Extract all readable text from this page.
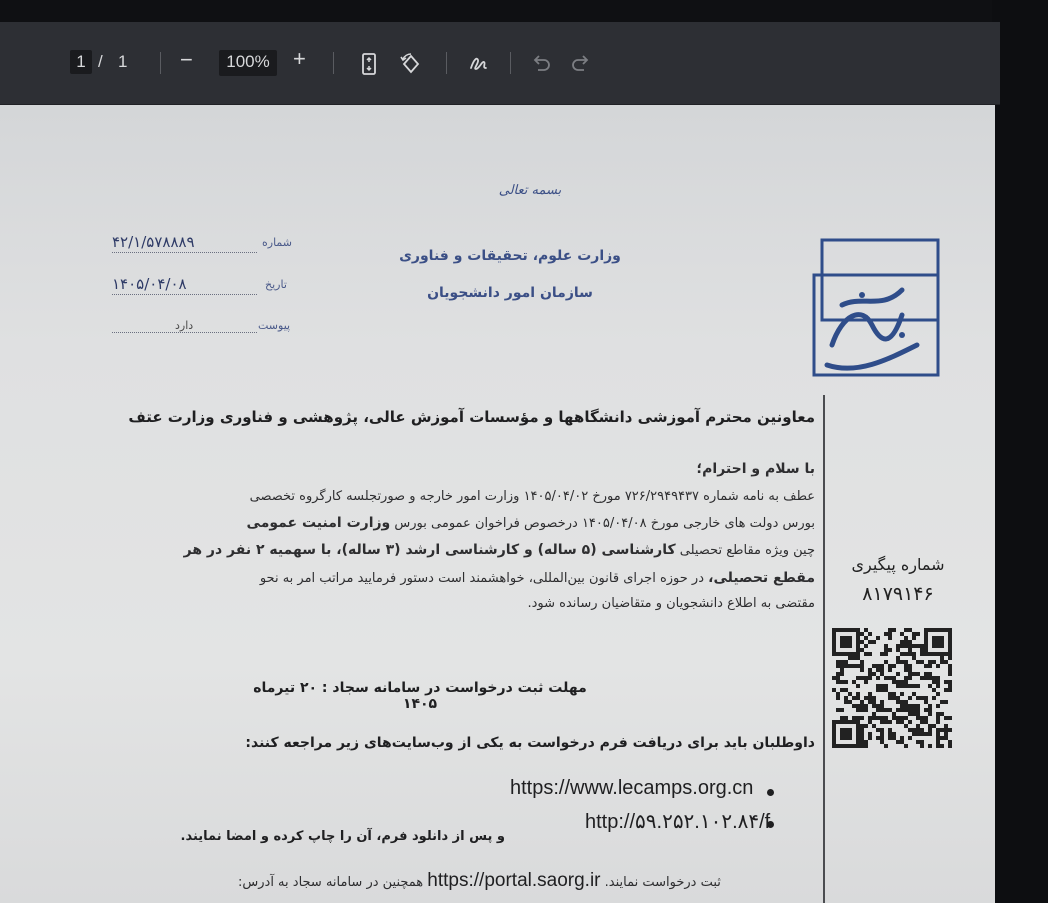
1 / 1 −	100%	+
بسمه تعالی
وزارت علوم، تحقیقات و فناوری
سازمان امور دانشجویان
شماره
۴۲/۱/۵۷۸۸۸۹
تاریخ
۱۴۰۵/۰۴/۰۸
پیوست
دارد
معاونین محترم آموزشی دانشگاهها و مؤسسات آموزش عالی، پژوهشی و فناوری وزارت عتف
با سلام و احترام؛
عطف به نامه شماره ۷۲۶/۲۹۴۹۴۳۷ مورخ ۱۴۰۵/۰۴/۰۲ وزارت امور خارجه و صورتجلسه کارگروه تخصصی
بورس دولت های خارجی مورخ ۱۴۰۵/۰۴/۰۸ درخصوص فراخوان عمومی بورس وزارت امنیت عمومی
چین ویژه مقاطع تحصیلی کارشناسی (۵ ساله) و کارشناسی ارشد (۳ ساله)، با سهمیه ۲ نفر در هر
مقطع تحصیلی، در حوزه اجرای قانون بین‌المللی، خواهشمند است دستور فرمایید مراتب امر به نحو
مقتضی به اطلاع دانشجویان و متقاضیان رسانده شود.
شماره پیگیری
۸۱۷۹۱۴۶
مهلت ثبت درخواست در سامانه سجاد : ۲۰ تیرماه ۱۴۰۵
داوطلبان باید برای دریافت فرم درخواست به یکی از وب‌سایت‌های زیر مراجعه کنند:
https://www.lecamps.org.cn
http://۵۹.۲۵۲.۱۰۲.۸۴/f
و پس از دانلود فرم، آن را چاپ کرده و امضا نمایند.
ثبت درخواست نمایند. https://portal.saorg.ir همچنین در سامانه سجاد به آدرس:
